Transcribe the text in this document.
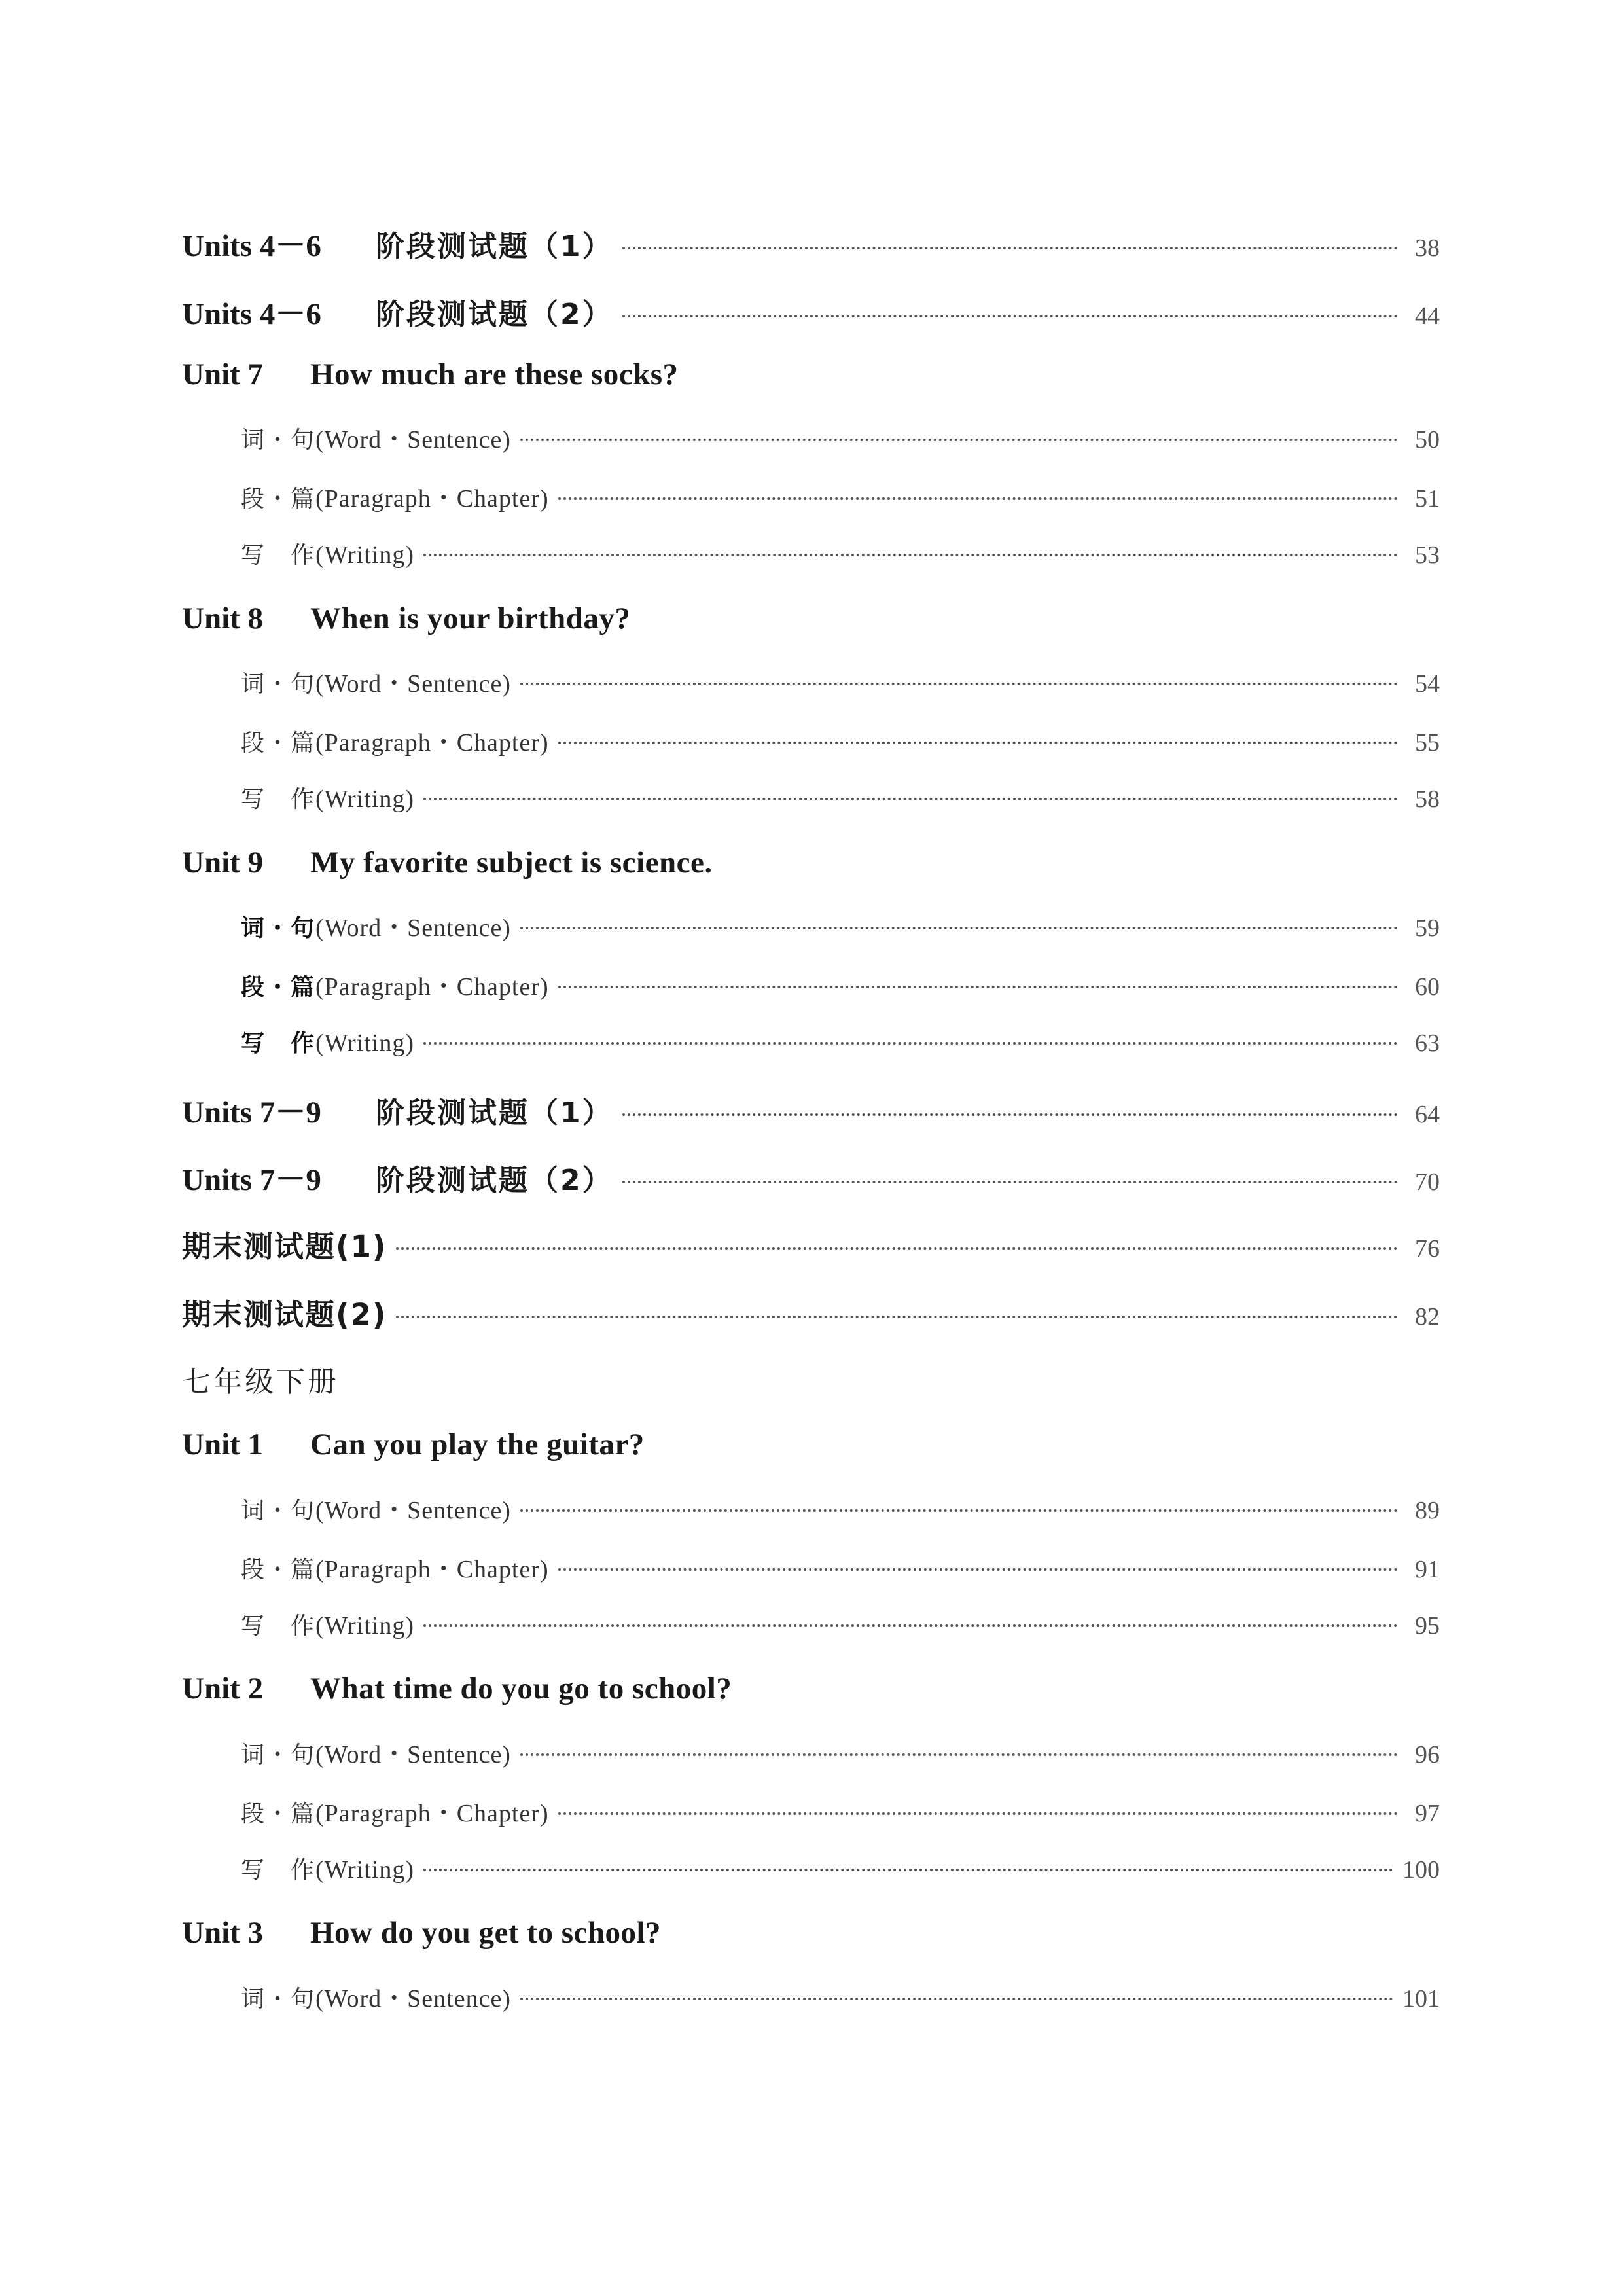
Units 4－6	阶段测试题（1）	38
Units 4－6	阶段测试题（2）	44
Unit 7	How much are these socks?
词・句(Word・Sentence)	50
段・篇(Paragraph・Chapter)	51
写　作(Writing)	53
Unit 8	When is your birthday?
词・句(Word・Sentence)	54
段・篇(Paragraph・Chapter)	55
写　作(Writing)	58
Unit 9	My favorite subject is science.
词・句(Word・Sentence)	59
段・篇(Paragraph・Chapter)	60
写　作(Writing)	63
Units 7－9	阶段测试题（1）	64
Units 7－9	阶段测试题（2）	70
期末测试题(1)	76
期末测试题(2)	82
七年级下册
Unit 1	Can you play the guitar?
词・句(Word・Sentence)	89
段・篇(Paragraph・Chapter)	91
写　作(Writing)	95
Unit 2	What time do you go to school?
词・句(Word・Sentence)	96
段・篇(Paragraph・Chapter)	97
写　作(Writing)	100
Unit 3	How do you get to school?
词・句(Word・Sentence)	101
